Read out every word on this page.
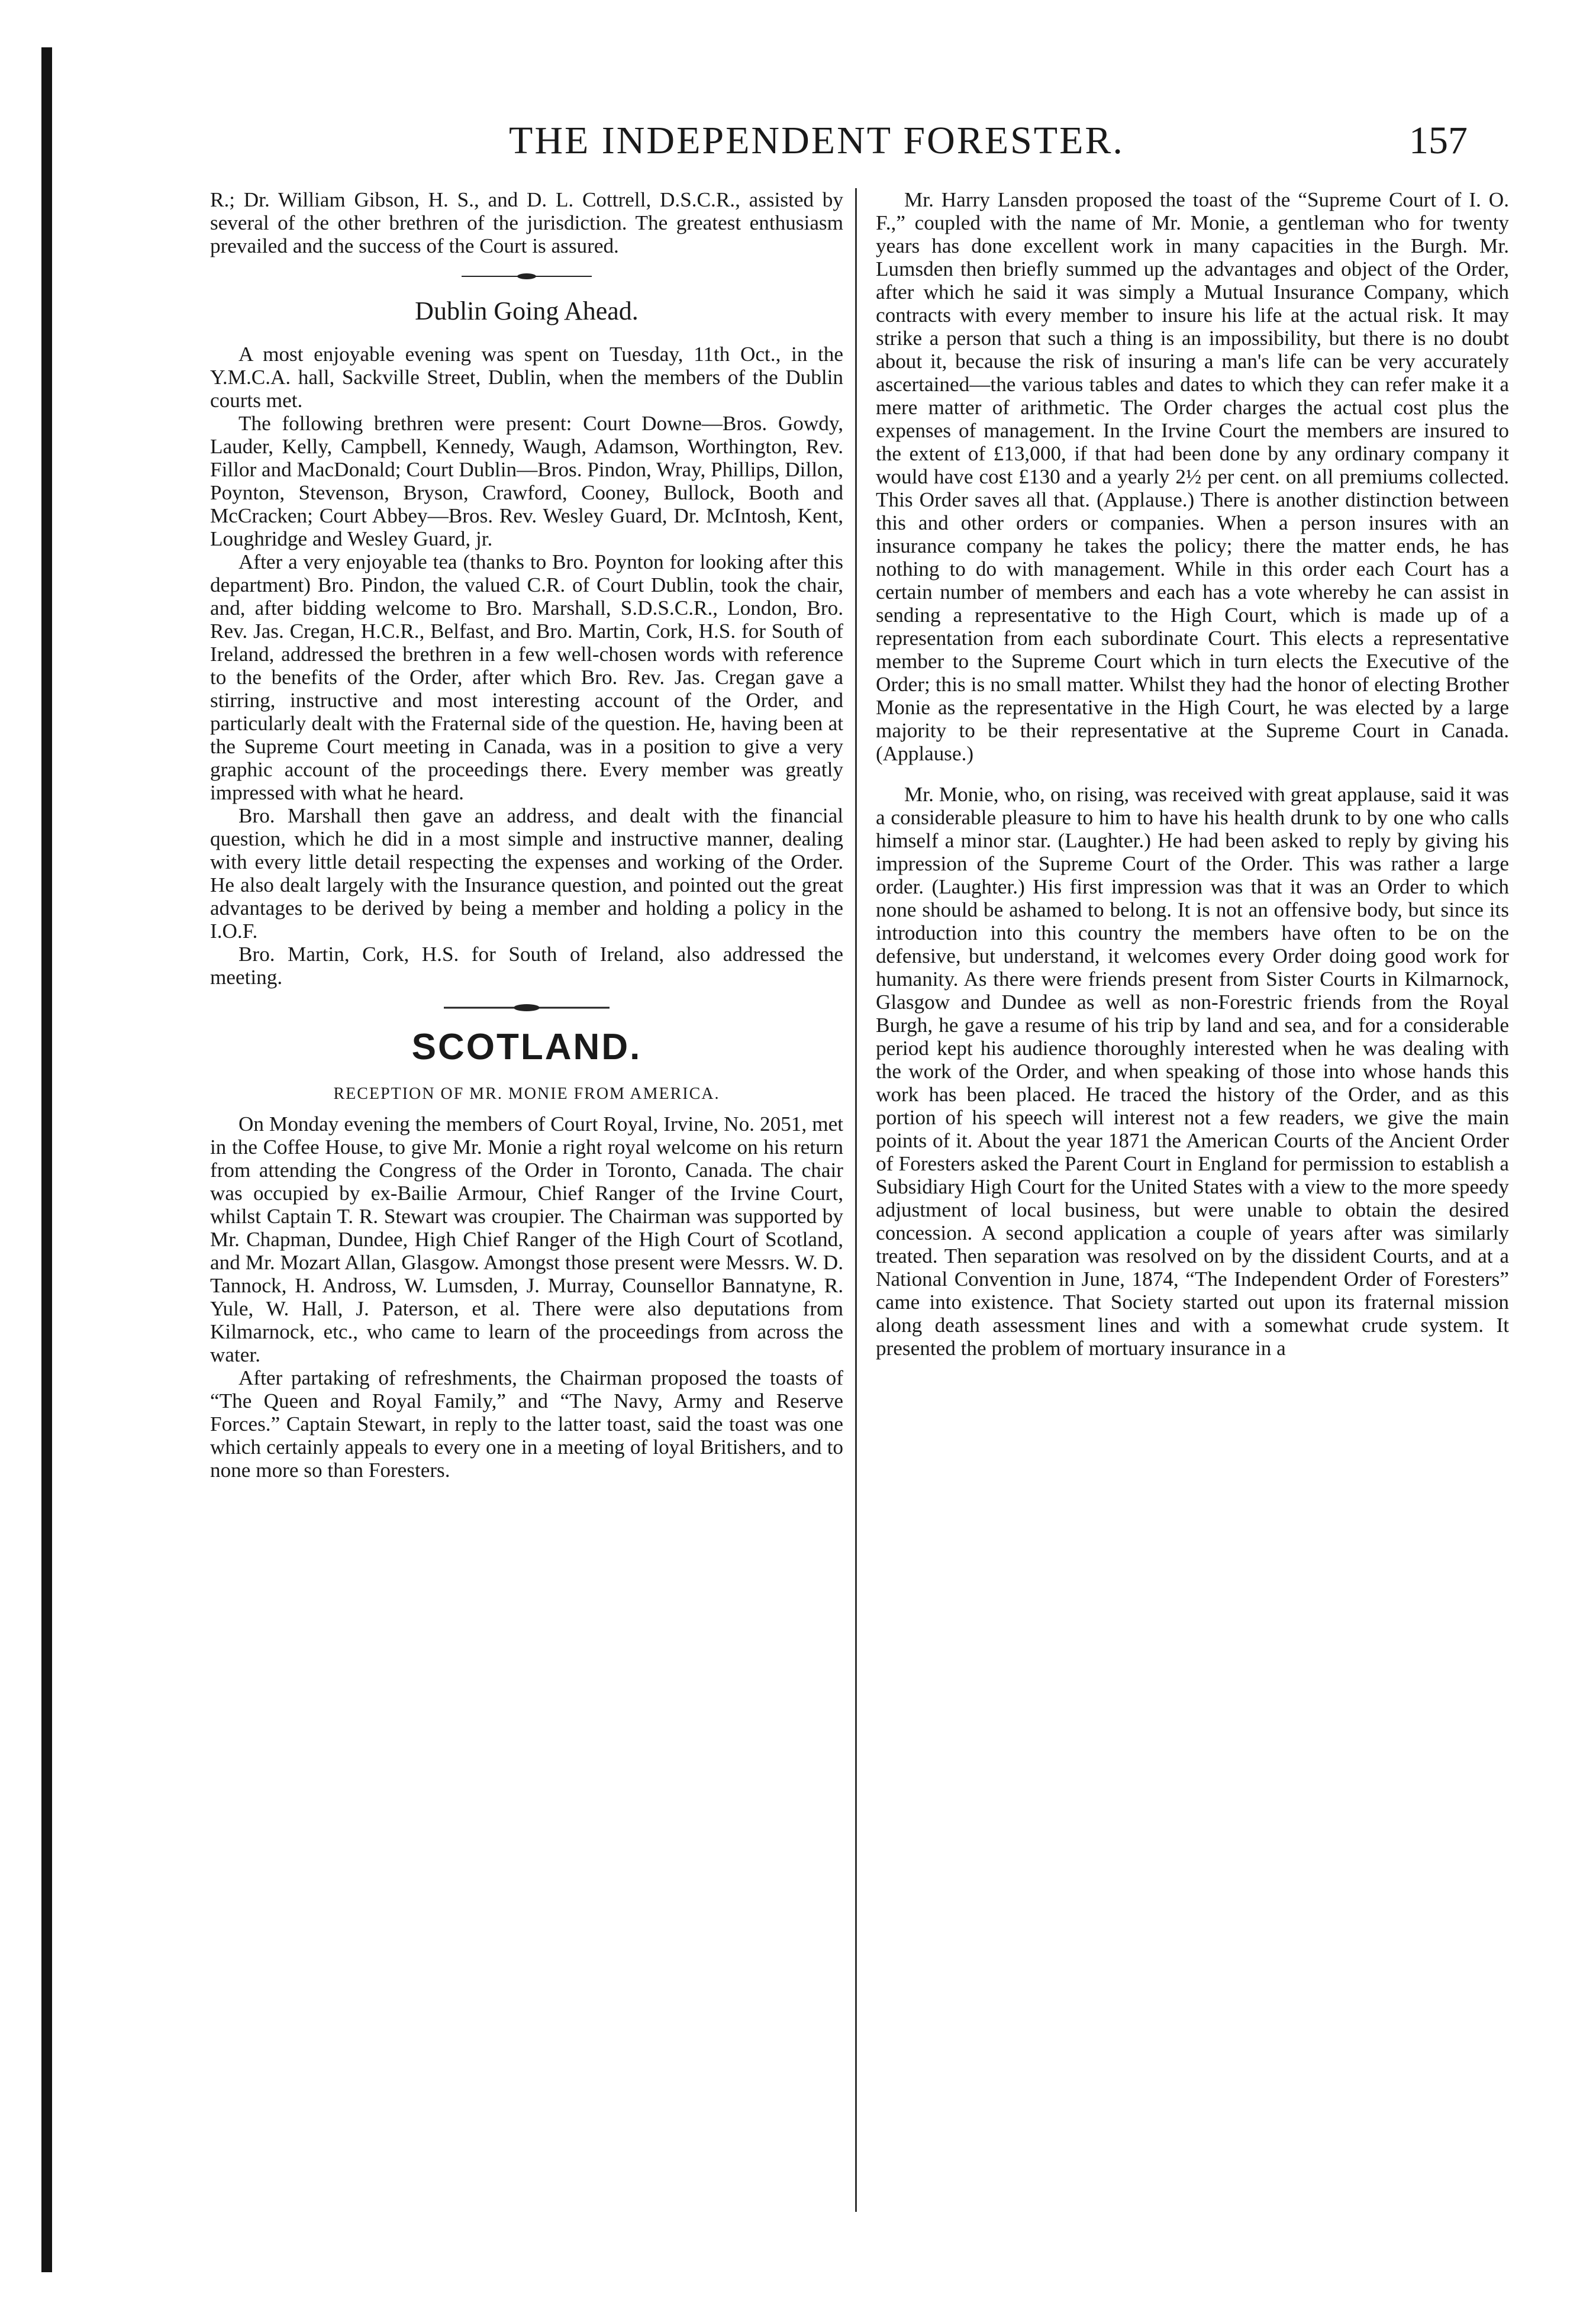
THE INDEPENDENT FORESTER.	157

R.; Dr. William Gibson, H. S., and D. L. Cottrell, D.S.C.R., assisted by several of the other brethren of the jurisdiction. The greatest enthusiasm prevailed and the success of the Court is assured.

Dublin Going Ahead.

A most enjoyable evening was spent on Tuesday, 11th Oct., in the Y.M.C.A. hall, Sackville Street, Dublin, when the members of the Dublin courts met.

The following brethren were present: Court Downe—Bros. Gowdy, Lauder, Kelly, Campbell, Kennedy, Waugh, Adamson, Worthington, Rev. Fillor and MacDonald; Court Dublin—Bros. Pindon, Wray, Phillips, Dillon, Poynton, Stevenson, Bryson, Crawford, Cooney, Bullock, Booth and McCracken; Court Abbey—Bros. Rev. Wesley Guard, Dr. McIntosh, Kent, Loughridge and Wesley Guard, jr.

After a very enjoyable tea (thanks to Bro. Poynton for looking after this department) Bro. Pindon, the valued C.R. of Court Dublin, took the chair, and, after bidding welcome to Bro. Marshall, S.D.S.C.R., London, Bro. Rev. Jas. Cregan, H.C.R., Belfast, and Bro. Martin, Cork, H.S. for South of Ireland, addressed the brethren in a few well-chosen words with reference to the benefits of the Order, after which Bro. Rev. Jas. Cregan gave a stirring, instructive and most interesting account of the Order, and particularly dealt with the Fraternal side of the question. He, having been at the Supreme Court meeting in Canada, was in a position to give a very graphic account of the proceedings there. Every member was greatly impressed with what he heard.

Bro. Marshall then gave an address, and dealt with the financial question, which he did in a most simple and instructive manner, dealing with every little detail respecting the expenses and working of the Order. He also dealt largely with the Insurance question, and pointed out the great advantages to be derived by being a member and holding a policy in the I.O.F.

Bro. Martin, Cork, H.S. for South of Ireland, also addressed the meeting.

SCOTLAND.
RECEPTION OF MR. MONIE FROM AMERICA.

On Monday evening the members of Court Royal, Irvine, No. 2051, met in the Coffee House, to give Mr. Monie a right royal welcome on his return from attending the Congress of the Order in Toronto, Canada. The chair was occupied by ex-Bailie Armour, Chief Ranger of the Irvine Court, whilst Captain T. R. Stewart was croupier. The Chairman was supported by Mr. Chapman, Dundee, High Chief Ranger of the High Court of Scotland, and Mr. Mozart Allan, Glasgow. Amongst those present were Messrs. W. D. Tannock, H. Andross, W. Lumsden, J. Murray, Counsellor Bannatyne, R. Yule, W. Hall, J. Paterson, et al. There were also deputations from Kilmarnock, etc., who came to learn of the proceedings from across the water.

After partaking of refreshments, the Chairman proposed the toasts of “The Queen and Royal Family,” and “The Navy, Army and Reserve Forces.” Captain Stewart, in reply to the latter toast, said the toast was one which certainly appeals to every one in a meeting of loyal Britishers, and to none more so than Foresters.

Mr. Harry Lansden proposed the toast of the “Supreme Court of I. O. F.,” coupled with the name of Mr. Monie, a gentleman who for twenty years has done excellent work in many capacities in the Burgh. Mr. Lumsden then briefly summed up the advantages and object of the Order, after which he said it was simply a Mutual Insurance Company, which contracts with every member to insure his life at the actual risk. It may strike a person that such a thing is an impossibility, but there is no doubt about it, because the risk of insuring a man's life can be very accurately ascertained—the various tables and dates to which they can refer make it a mere matter of arithmetic. The Order charges the actual cost plus the expenses of management. In the Irvine Court the members are insured to the extent of £13,000, if that had been done by any ordinary company it would have cost £130 and a yearly 2½ per cent. on all premiums collected. This Order saves all that. (Applause.) There is another distinction between this and other orders or companies. When a person insures with an insurance company he takes the policy; there the matter ends, he has nothing to do with management. While in this order each Court has a certain number of members and each has a vote whereby he can assist in sending a representative to the High Court, which is made up of a representation from each subordinate Court. This elects a representative member to the Supreme Court which in turn elects the Executive of the Order; this is no small matter. Whilst they had the honor of electing Brother Monie as the representative in the High Court, he was elected by a large majority to be their representative at the Supreme Court in Canada. (Applause.)

Mr. Monie, who, on rising, was received with great applause, said it was a considerable pleasure to him to have his health drunk to by one who calls himself a minor star. (Laughter.) He had been asked to reply by giving his impression of the Supreme Court of the Order. This was rather a large order. (Laughter.) His first impression was that it was an Order to which none should be ashamed to belong. It is not an offensive body, but since its introduction into this country the members have often to be on the defensive, but understand, it welcomes every Order doing good work for humanity. As there were friends present from Sister Courts in Kilmarnock, Glasgow and Dundee as well as non-Forestric friends from the Royal Burgh, he gave a resume of his trip by land and sea, and for a considerable period kept his audience thoroughly interested when he was dealing with the work of the Order, and when speaking of those into whose hands this work has been placed. He traced the history of the Order, and as this portion of his speech will interest not a few readers, we give the main points of it. About the year 1871 the American Courts of the Ancient Order of Foresters asked the Parent Court in England for permission to establish a Subsidiary High Court for the United States with a view to the more speedy adjustment of local business, but were unable to obtain the desired concession. A second application a couple of years after was similarly treated. Then separation was resolved on by the dissident Courts, and at a National Convention in June, 1874, “The Independent Order of Foresters” came into existence. That Society started out upon its fraternal mission along death assessment lines and with a somewhat crude system. It presented the problem of mortuary insurance in a
